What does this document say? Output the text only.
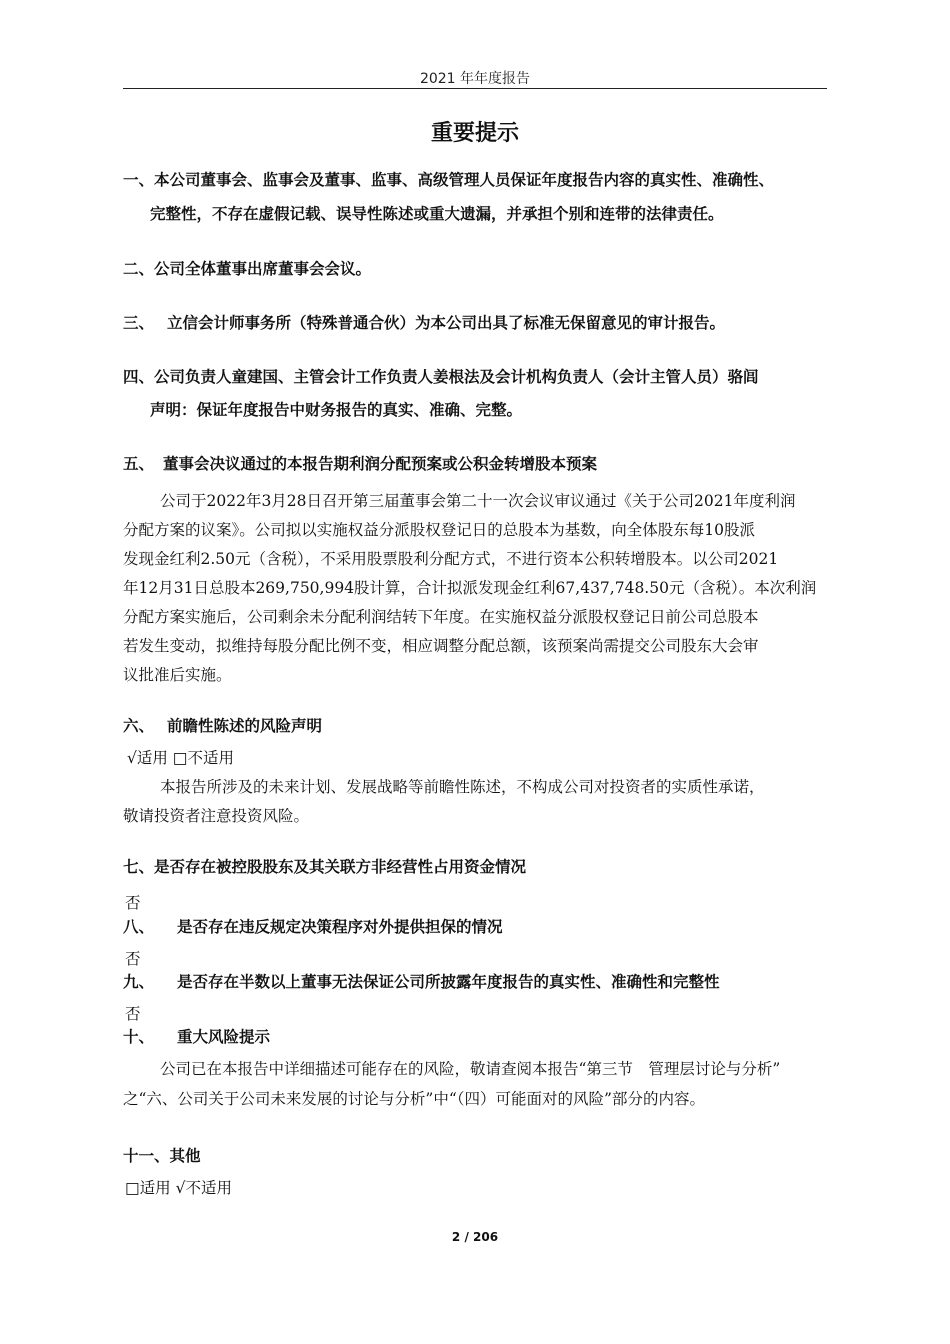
2021 年年度报告
重要提示
一、本公司董事会、监事会及董事、监事、高级管理人员保证年度报告内容的真实性、准确性、
完整性，不存在虚假记载、误导性陈述或重大遗漏，并承担个别和连带的法律责任。
二、公司全体董事出席董事会会议。
三、 立信会计师事务所（特殊普通合伙）为本公司出具了标准无保留意见的审计报告。
四、公司负责人童建国、主管会计工作负责人姜根法及会计机构负责人（会计主管人员）骆闾
声明：保证年度报告中财务报告的真实、准确、完整。
五、 董事会决议通过的本报告期利润分配预案或公积金转增股本预案
公司于2022年3月28日召开第三届董事会第二十一次会议审议通过《关于公司2021年度利润
分配方案的议案》。公司拟以实施权益分派股权登记日的总股本为基数，向全体股东每10股派
发现金红利2.50元（含税），不采用股票股利分配方式，不进行资本公积转增股本。以公司2021
年12月31日总股本269,750,994股计算，合计拟派发现金红利67,437,748.50元（含税）。本次利润
分配方案实施后，公司剩余未分配利润结转下年度。在实施权益分派股权登记日前公司总股本
若发生变动，拟维持每股分配比例不变，相应调整分配总额，该预案尚需提交公司股东大会审
议批准后实施。
六、 前瞻性陈述的风险声明
√适用 □不适用
本报告所涉及的未来计划、发展战略等前瞻性陈述，不构成公司对投资者的实质性承诺，
敬请投资者注意投资风险。
七、是否存在被控股股东及其关联方非经营性占用资金情况
否
八、 是否存在违反规定决策程序对外提供担保的情况
否
九、 是否存在半数以上董事无法保证公司所披露年度报告的真实性、准确性和完整性
否
十、 重大风险提示
公司已在本报告中详细描述可能存在的风险，敬请查阅本报告“第三节　管理层讨论与分析”
之“六、公司关于公司未来发展的讨论与分析”中“（四）可能面对的风险”部分的内容。
十一、其他
□适用 √不适用
2 / 206
